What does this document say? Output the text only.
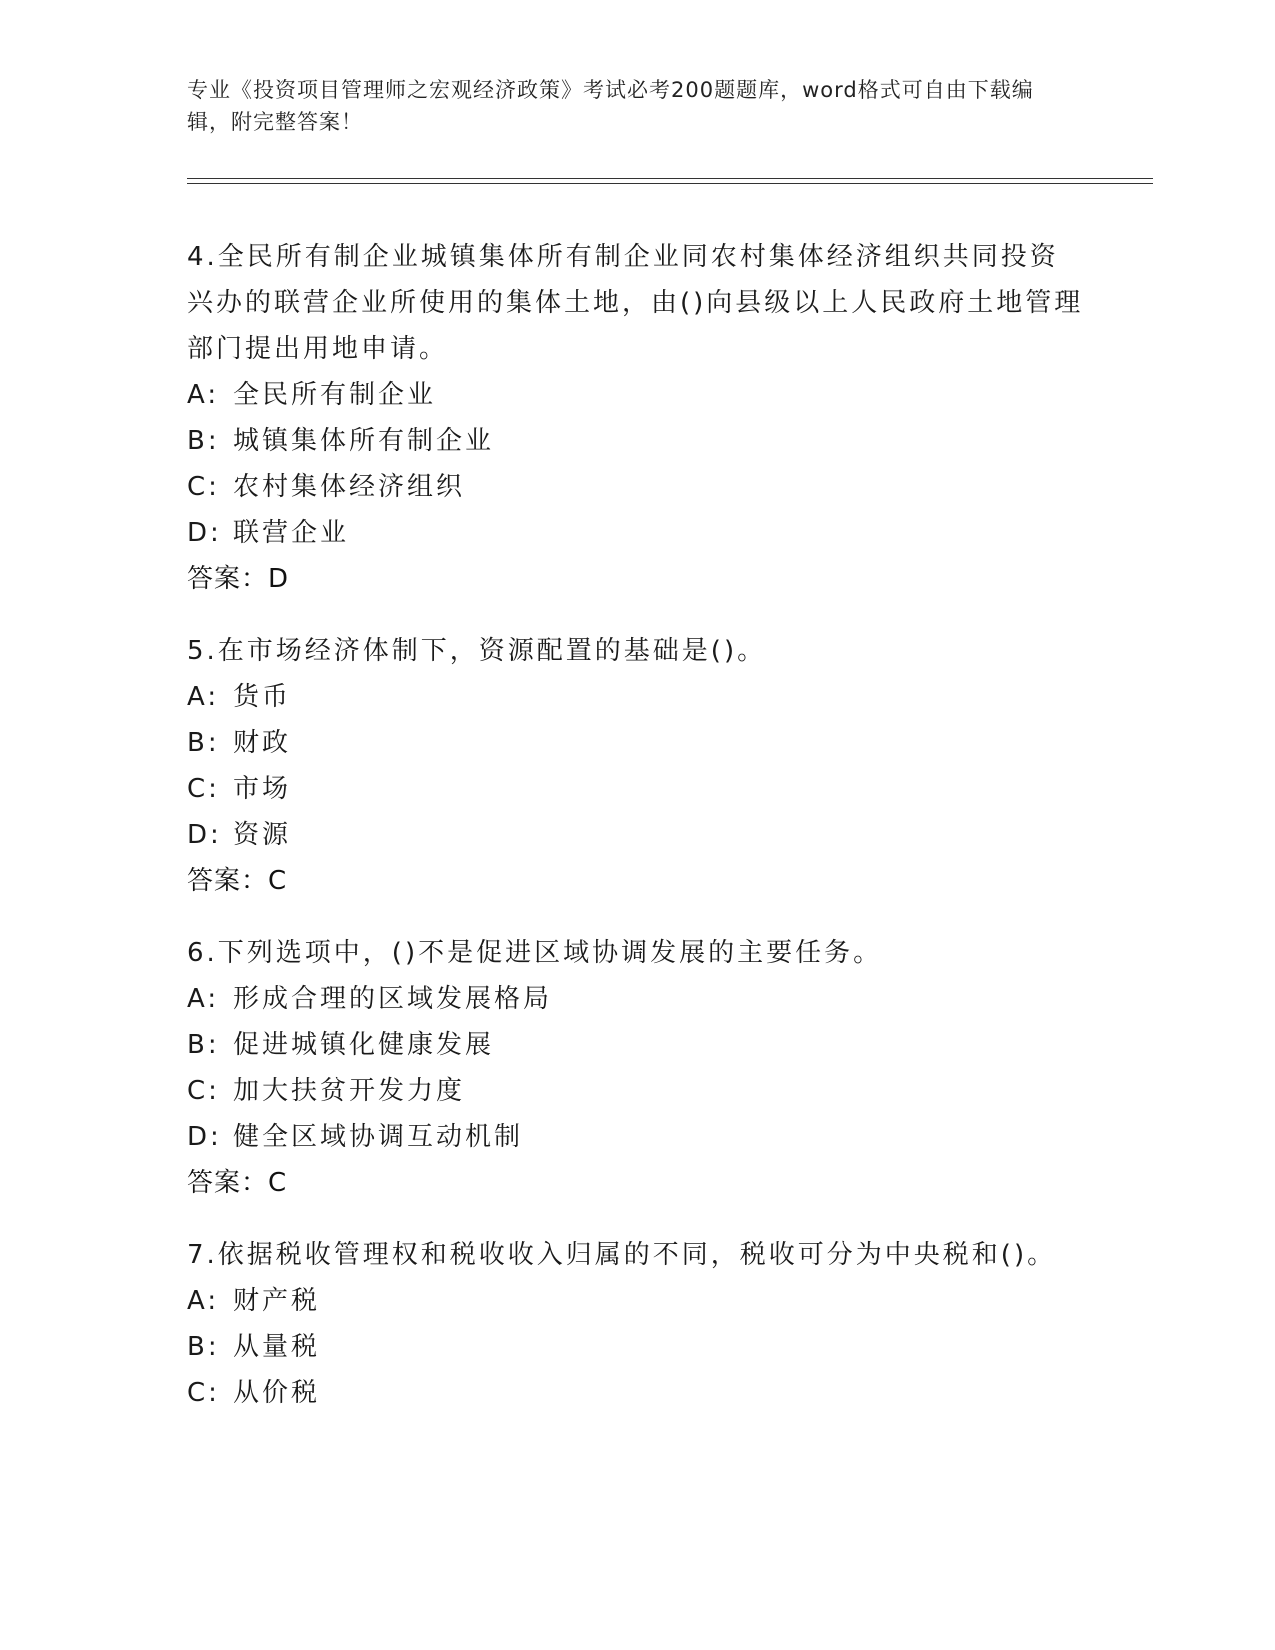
专业《投资项目管理师之宏观经济政策》考试必考200题题库，word格式可自由下载编辑，附完整答案！
4.全民所有制企业城镇集体所有制企业同农村集体经济组织共同投资兴办的联营企业所使用的集体土地，由()向县级以上人民政府土地管理部门提出用地申请。
A: 全民所有制企业
B: 城镇集体所有制企业
C: 农村集体经济组织
D: 联营企业
答案：D
5.在市场经济体制下，资源配置的基础是()。
A: 货币
B: 财政
C: 市场
D: 资源
答案：C
6.下列选项中，()不是促进区域协调发展的主要任务。
A: 形成合理的区域发展格局
B: 促进城镇化健康发展
C: 加大扶贫开发力度
D: 健全区域协调互动机制
答案：C
7.依据税收管理权和税收收入归属的不同，税收可分为中央税和()。
A: 财产税
B: 从量税
C: 从价税
